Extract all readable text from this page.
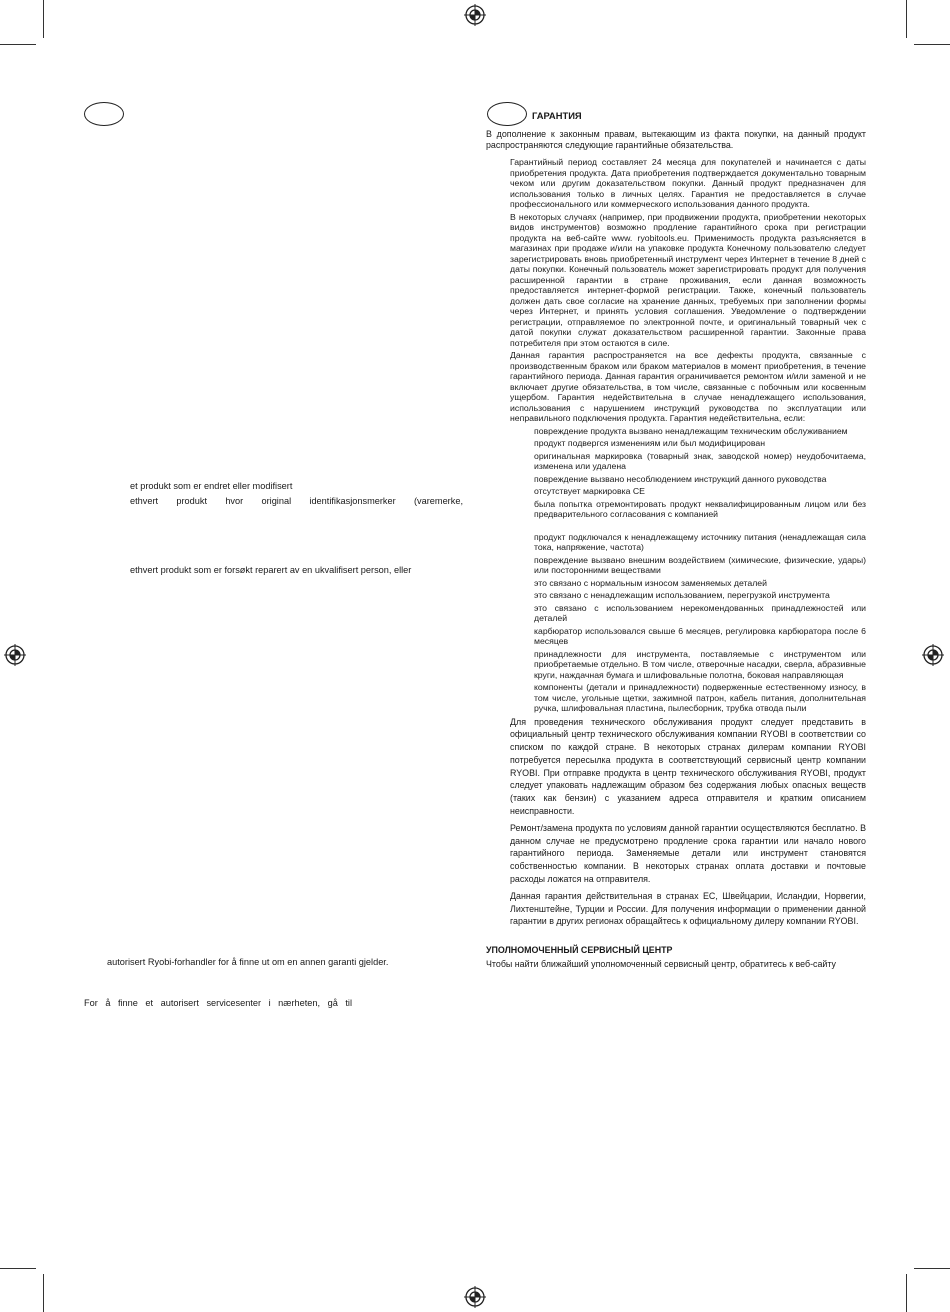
et produkt som er endret eller modifisert
ethvert produkt hvor original identifikasjonsmerker (varemerke,
ethvert produkt som er forsøkt reparert av en ukvalifisert person, eller
autorisert Ryobi-forhandler for å finne ut om en annen garanti gjelder.
For å finne et autorisert servicesenter i nærheten, gå til
ГАРАНТИЯ
В дополнение к законным правам, вытекающим из факта покупки, на данный продукт распространяются следующие гарантийные обязательства.
Гарантийный период составляет 24 месяца для покупателей и начинается с даты приобретения продукта. Дата приобретения подтверждается документально товарным чеком или другим доказательством покупки. Данный продукт предназначен для использования только в личных целях. Гарантия не предоставляется в случае профессионального или коммерческого использования данного продукта.
В некоторых случаях (например, при продвижении продукта, приобретении некоторых видов инструментов) возможно продление гарантийного срока при регистрации продукта на веб-сайте www. ryobitools.eu. Применимость продукта разъясняется в магазинах при продаже и/или на упаковке продукта Конечному пользователю следует зарегистрировать вновь приобретенный инструмент через Интернет в течение 8 дней с даты покупки. Конечный пользователь может зарегистрировать продукт для получения расширенной гарантии в стране проживания, если данная возможность предоставляется интернет-формой регистрации. Также, конечный пользователь должен дать свое согласие на хранение данных, требуемых при заполнении формы через Интернет, и принять условия соглашения. Уведомление о подтверждении регистрации, отправляемое по электронной почте, и оригинальный товарный чек с датой покупки служат доказательством расширенной гарантии. Законные права потребителя при этом остаются в силе.
Данная гарантия распространяется на все дефекты продукта, связанные с производственным браком или браком материалов в момент приобретения, в течение гарантийного периода. Данная гарантия ограничивается ремонтом и/или заменой и не включает другие обязательства, в том числе, связанные с побочным или косвенным ущербом. Гарантия недействительна в случае ненадлежащего использования, использования с нарушением инструкций руководства по эксплуатации или неправильного подключения продукта. Гарантия недействительна, если:
повреждение продукта вызвано ненадлежащим техническим обслуживанием
продукт подвергся изменениям или был модифицирован
оригинальная маркировка (товарный знак, заводской номер) неудобочитаема, изменена или удалена
повреждение вызвано несоблюдением инструкций данного руководства
отсутствует маркировка CE
была попытка отремонтировать продукт неквалифицированным лицом или без предварительного согласования с компанией
продукт подключался к ненадлежащему источнику питания (ненадлежащая сила тока, напряжение, частота)
повреждение вызвано внешним воздействием (химические, физические, удары) или посторонними веществами
это связано с нормальным износом заменяемых деталей
это связано с ненадлежащим использованием, перегрузкой инструмента
это связано с использованием нерекомендованных принадлежностей или деталей
карбюратор использовался свыше 6 месяцев, регулировка карбюратора после 6 месяцев
принадлежности для инструмента, поставляемые с инструментом или приобретаемые отдельно. В том числе, отверочные насадки, сверла, абразивные круги, наждачная бумага и шлифовальные полотна, боковая направляющая
компоненты (детали и принадлежности) подверженные естественному износу, в том числе, угольные щетки, зажимной патрон, кабель питания, дополнительная ручка, шлифовальная пластина, пылесборник, трубка отвода пыли
Для проведения технического обслуживания продукт следует представить в официальный центр технического обслуживания компании RYOBI в соответствии со списком по каждой стране. В некоторых странах дилерам компании RYOBI потребуется пересылка продукта в соответствующий сервисный центр компании RYOBI. При отправке продукта в центр технического обслуживания RYOBI, продукт следует упаковать надлежащим образом без содержания любых опасных веществ (таких как бензин) с указанием адреса отправителя и кратким описанием неисправности.
Ремонт/замена продукта по условиям данной гарантии осуществляются бесплатно. В данном случае не предусмотрено продление срока гарантии или начало нового гарантийного периода. Заменяемые детали или инструмент становятся собственностью компании. В некоторых странах оплата доставки и почтовые расходы ложатся на отправителя.
Данная гарантия действительная в странах ЕС, Швейцарии, Исландии, Норвегии, Лихтенштейне, Турции и России. Для получения информации о применении данной гарантии в других регионах обращайтесь к официальному дилеру компании RYOBI.
УПОЛНОМОЧЕННЫЙ СЕРВИСНЫЙ ЦЕНТР
Чтобы найти ближайший уполномоченный сервисный центр, обратитесь к веб-сайту
